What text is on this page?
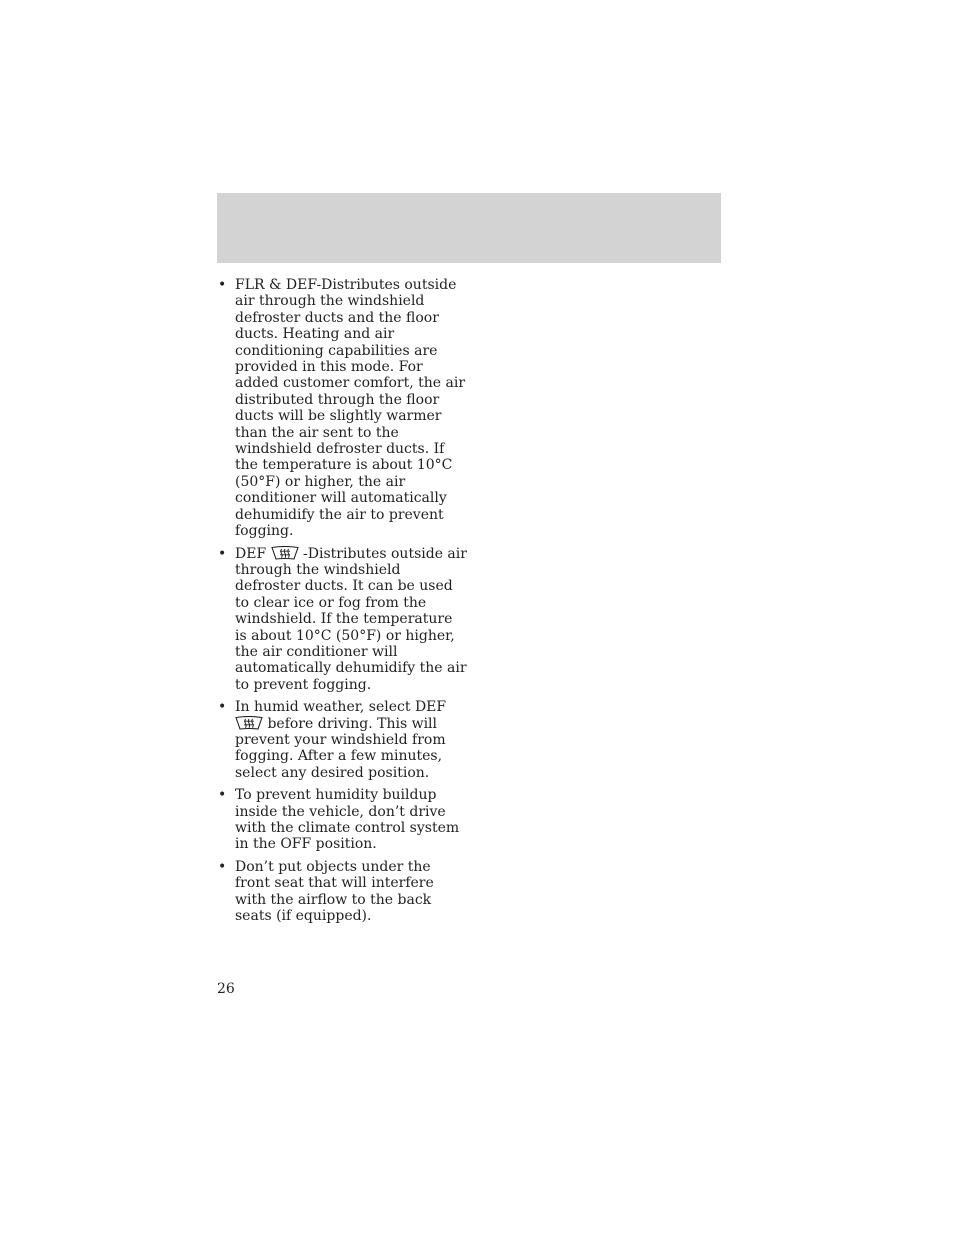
• FLR & DEF-Distributes outside air through the windshield defroster ducts and the floor ducts. Heating and air conditioning capabilities are provided in this mode. For added customer comfort, the air distributed through the floor ducts will be slightly warmer than the air sent to the windshield defroster ducts. If the temperature is about 10°C (50°F) or higher, the air conditioner will automatically dehumidify the air to prevent fogging.
• DEF
-Distributes outside air through the windshield defroster ducts. It can be used to clear ice or fog from the windshield. If the temperature is about 10°C (50°F) or higher, the air conditioner will automatically dehumidify the air to prevent fogging.
• In humid weather, select DEF

before driving. This will prevent your windshield from fogging. After a few minutes, select any desired position.
• To prevent humidity buildup inside the vehicle, don’t drive with the climate control system in the OFF position.
• Don’t put objects under the front seat that will interfere with the airflow to the back seats (if equipped).
26
